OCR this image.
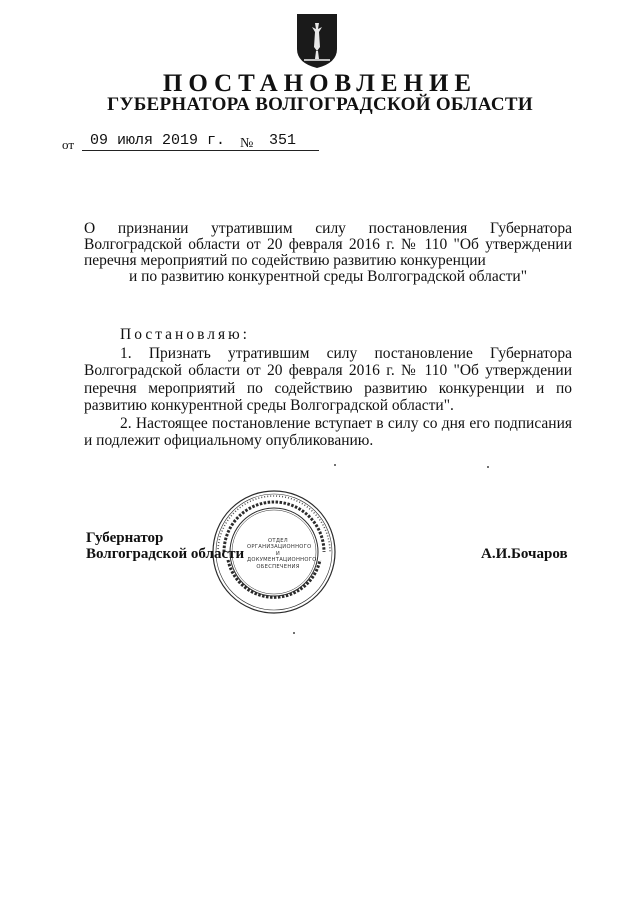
ПОСТАНОВЛЕНИЕ
ГУБЕРНАТОРА ВОЛГОГРАДСКОЙ ОБЛАСТИ
от 09 июля 2019 г. № 351
О признании утратившим силу постановления Губернатора Волгоградской области от 20 февраля 2016 г. № 110 "Об утверждении перечня мероприятий по содействию развитию конкуренции
и по развитию конкурентной среды Волгоградской области"

Постановляю:

1. Признать утратившим силу постановление Губернатора Волгоградской области от 20 февраля 2016 г. № 110 "Об утверждении перечня мероприятий по содействию развитию конкуренции и по развитию конкурентной среды Волгоградской области".

2. Настоящее постановление вступает в силу со дня его подписания и подлежит официальному опубликованию.

ОТДЕЛ ОРГАНИЗАЦИОННОГО И ДОКУМЕНТАЦИОННОГО ОБЕСПЕЧЕНИЯ
Губернатор
Волгоградской области	А.И.Бочаров
